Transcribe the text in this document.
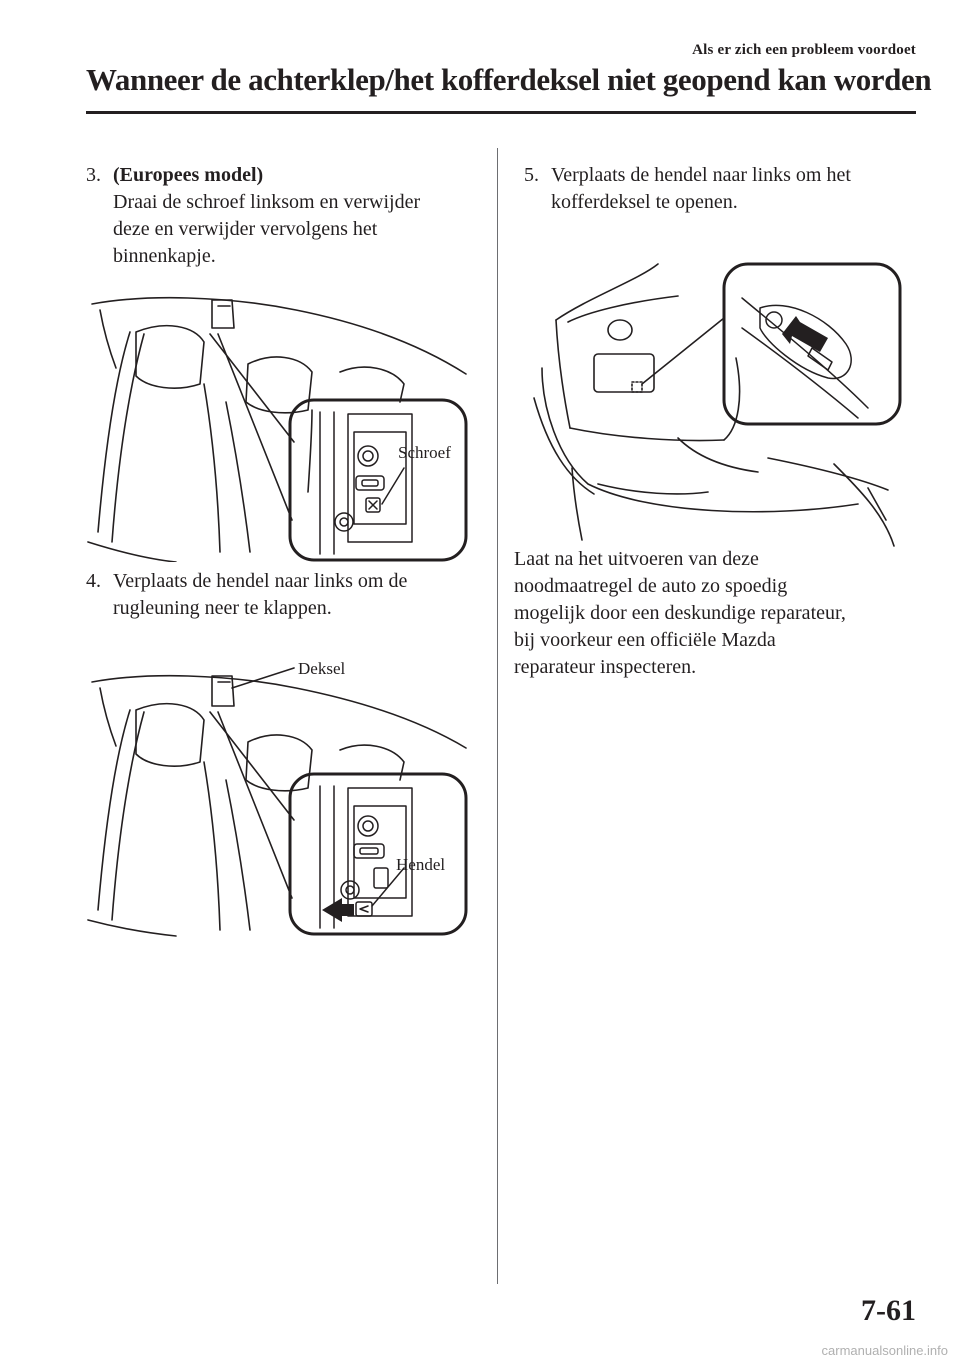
Als er zich een probleem voordoet
Wanneer de achterklep/het kofferdeksel niet geopend kan worden
3. (Europees model)
Draai de schroef linksom en verwijder
deze en verwijder vervolgens het
binnenkapje.
Schroef
4. Verplaats de hendel naar links om de
rugleuning neer te klappen.
Deksel
Hendel
5. Verplaats de hendel naar links om het
kofferdeksel te openen.
Laat na het uitvoeren van deze
noodmaatregel de auto zo spoedig
mogelijk door een deskundige reparateur,
bij voorkeur een officiële Mazda
reparateur inspecteren.
7-61
carmanualsonline.info
